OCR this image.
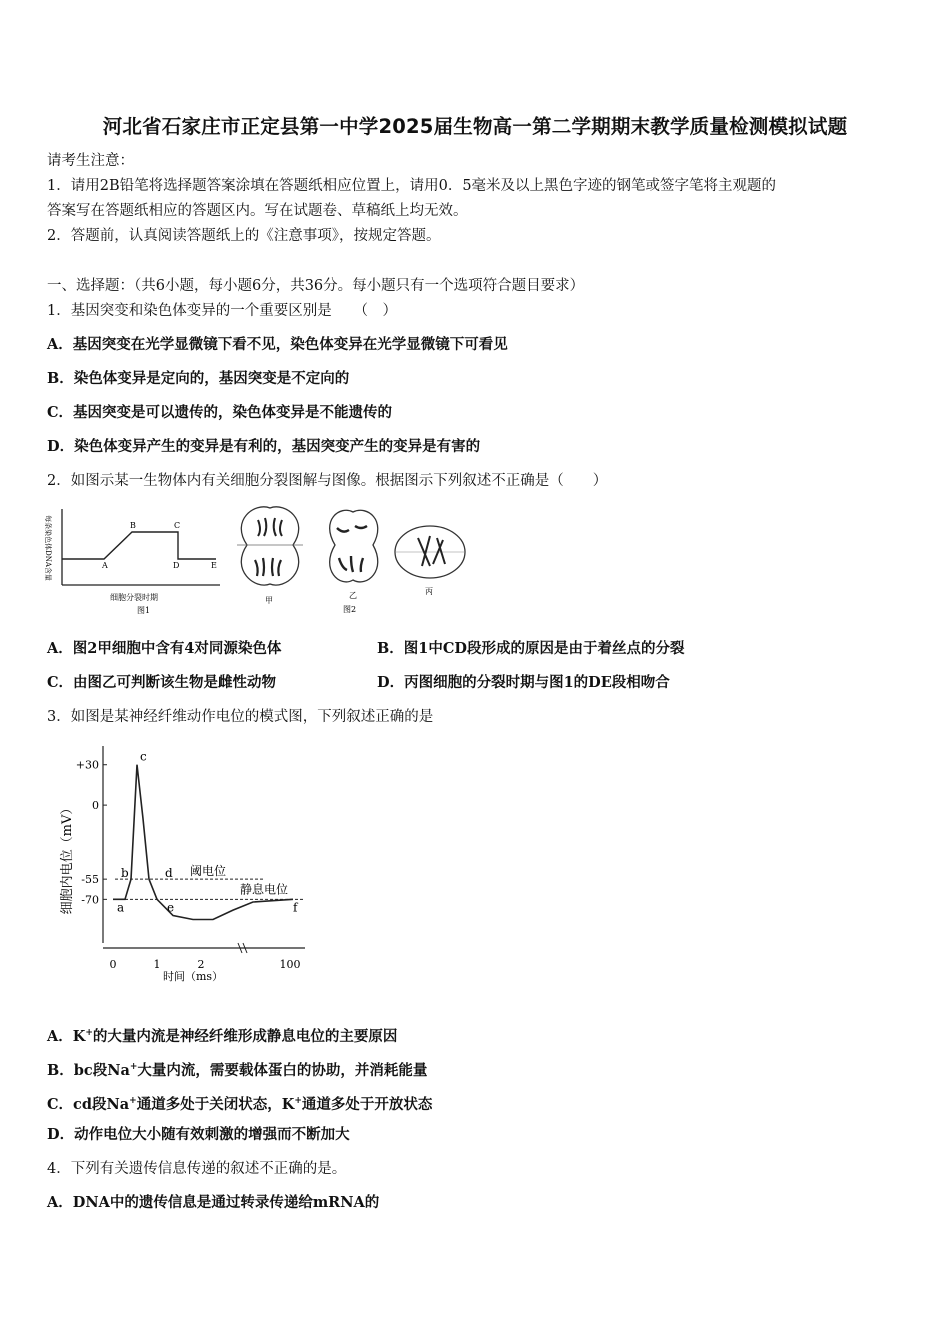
河北省石家庄市正定县第一中学2025届生物高一第二学期期末教学质量检测模拟试题
请考生注意：
1．请用2B铅笔将选择题答案涂填在答题纸相应位置上，请用0．5毫米及以上黑色字迹的钢笔或签字笔将主观题的
答案写在答题纸相应的答题区内。写在试题卷、草稿纸上均无效。
2．答题前，认真阅读答题纸上的《注意事项》，按规定答题。
一、选择题：（共6小题，每小题6分，共36分。每小题只有一个选项符合题目要求）
1．基因突变和染色体变异的一个重要区别是　　（　）
A．基因突变在光学显微镜下看不见，染色体变异在光学显微镜下可看见
B．染色体变异是定向的，基因突变是不定向的
C．基因突变是可以遗传的，染色体变异是不能遗传的
D．染色体变异产生的变异是有利的，基因突变产生的变异是有害的
2．如图示某一生物体内有关细胞分裂图解与图像。根据图示下列叙述不正确是（　　）
每条染色体DNA含量	A
B	C
D	E
细胞分裂时期
图1
甲
乙	丙
图2
A．图2甲细胞中含有4对同源染色体	B．图1中CD段形成的原因是由于着丝点的分裂
C．由图乙可判断该生物是雌性动物	D．丙图细胞的分裂时期与图1的DE段相吻合
3．如图是某神经纤维动作电位的模式图，下列叙述正确的是
细胞内电位（mV）
时间（ms）
+30
0
-55
-70
0	1	2	100
阈电位
静息电位
a
b
c
d
e	f
A．K+的大量内流是神经纤维形成静息电位的主要原因
B．bc段Na+大量内流，需要载体蛋白的协助，并消耗能量
C．cd段Na+通道多处于关闭状态，K+通道多处于开放状态
D．动作电位大小随有效刺激的增强而不断加大
4．下列有关遗传信息传递的叙述不正确的是。
A．DNA中的遗传信息是通过转录传递给mRNA的
